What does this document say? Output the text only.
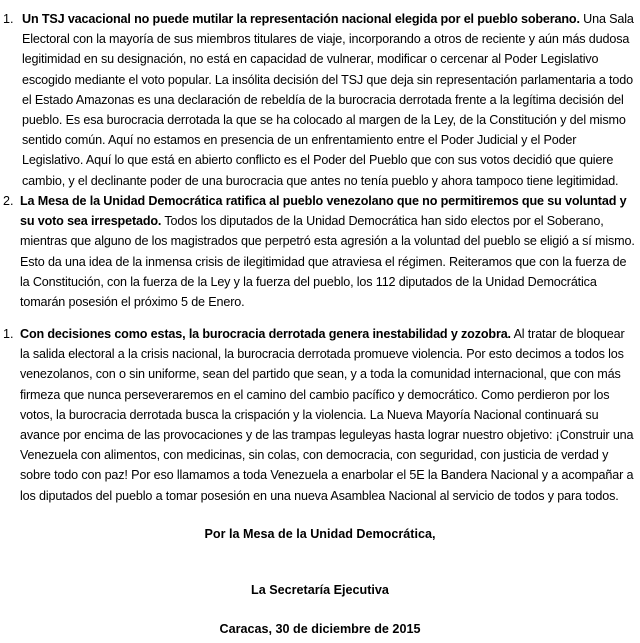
1. Un TSJ vacacional no puede mutilar la representación nacional elegida por el pueblo soberano. Una Sala Electoral con la mayoría de sus miembros titulares de viaje, incorporando a otros de reciente y aún más dudosa legitimidad en su designación, no está en capacidad de vulnerar, modificar o cercenar al Poder Legislativo escogido mediante el voto popular. La insólita decisión del TSJ que deja sin representación parlamentaria a todo el Estado Amazonas es una declaración de rebeldía de la burocracia derrotada frente a la legítima decisión del pueblo. Es esa burocracia derrotada la que se ha colocado al margen de la Ley, de la Constitución y del mismo sentido común. Aquí no estamos en presencia de un enfrentamiento entre el Poder Judicial y el Poder Legislativo. Aquí lo que está en abierto conflicto es el Poder del Pueblo que con sus votos decidió que quiere cambio, y el declinante poder de una burocracia que antes no tenía pueblo y ahora tampoco tiene legitimidad.

2. La Mesa de la Unidad Democrática ratifica al pueblo venezolano que no permitiremos que su voluntad y su voto sea irrespetado. Todos los diputados de la Unidad Democrática han sido electos por el Soberano, mientras que alguno de los magistrados que perpetró esta agresión a la voluntad del pueblo se eligió a sí mismo. Esto da una idea de la inmensa crisis de ilegitimidad que atraviesa el régimen. Reiteramos que con la fuerza de la Constitución, con la fuerza de la Ley y la fuerza del pueblo, los 112 diputados de la Unidad Democrática tomarán posesión el próximo 5 de Enero.

1. Con decisiones como estas, la burocracia derrotada genera inestabilidad y zozobra. Al tratar de bloquear la salida electoral a la crisis nacional, la burocracia derrotada promueve violencia. Por esto decimos a todos los venezolanos, con o sin uniforme, sean del partido que sean, y a toda la comunidad internacional, que con más firmeza que nunca perseveraremos en el camino del cambio pacífico y democrático. Como perdieron por los votos, la burocracia derrotada busca la crispación y la violencia. La Nueva Mayoría Nacional continuará su avance por encima de las provocaciones y de las trampas leguleyas hasta lograr nuestro objetivo: ¡Construir una Venezuela con alimentos, con medicinas, sin colas, con democracia, con seguridad, con justicia de verdad y sobre todo con paz! Por eso llamamos a toda Venezuela a enarbolar el 5E la Bandera Nacional y a acompañar a los diputados del pueblo a tomar posesión en una nueva Asamblea Nacional al servicio de todos y para todos.

Por la Mesa de la Unidad Democrática,
La Secretaría Ejecutiva
Caracas, 30 de diciembre de 2015
